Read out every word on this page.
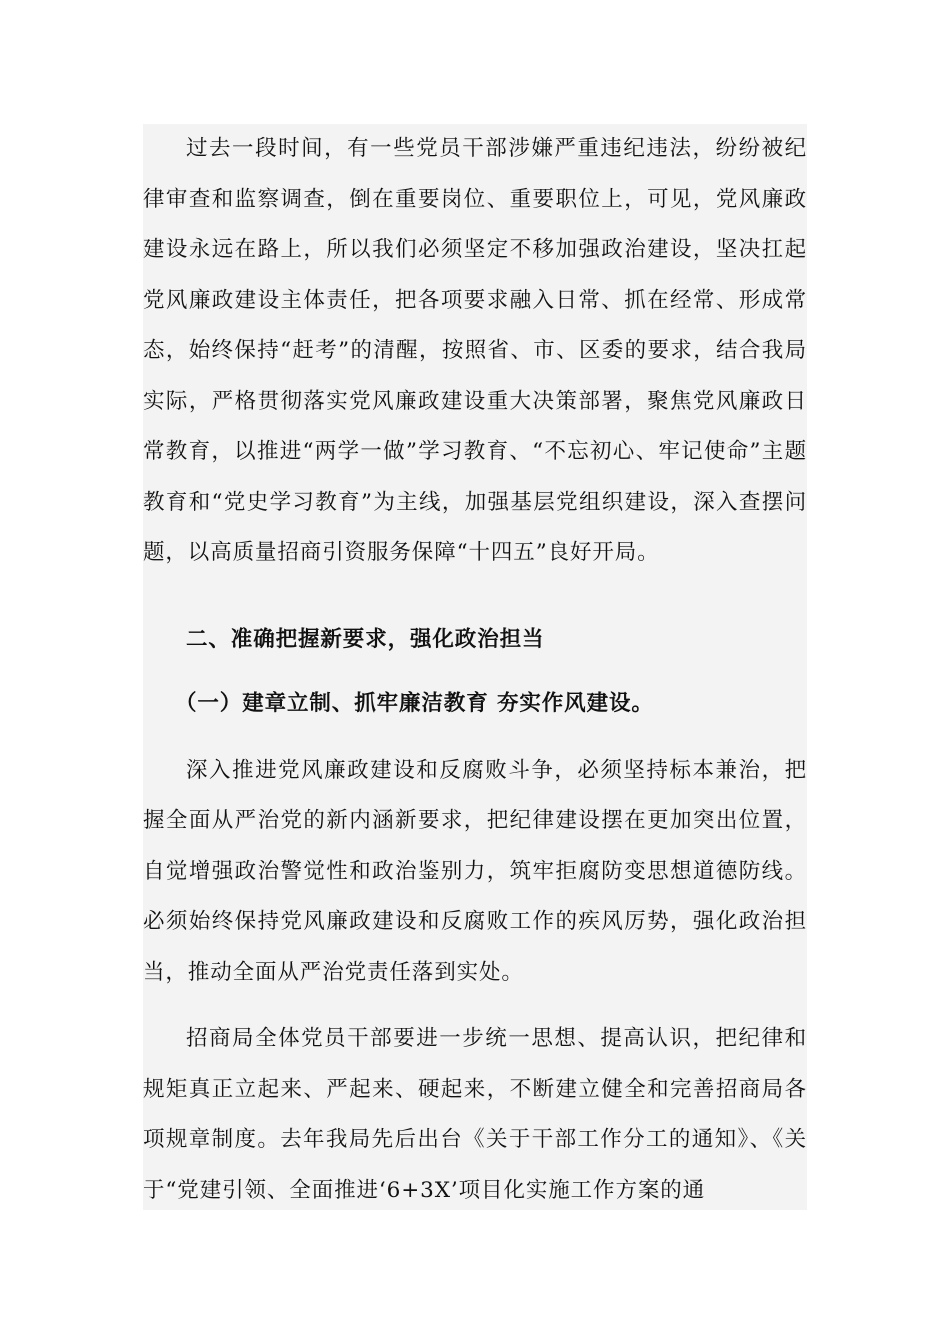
过去一段时间，有一些党员干部涉嫌严重违纪违法，纷纷被纪律审查和监察调查，倒在重要岗位、重要职位上，可见，党风廉政建设永远在路上，所以我们必须坚定不移加强政治建设，坚决扛起党风廉政建设主体责任，把各项要求融入日常、抓在经常、形成常态，始终保持“赶考”的清醒，按照省、市、区委的要求，结合我局实际，严格贯彻落实党风廉政建设重大决策部署，聚焦党风廉政日常教育，以推进“两学一做”学习教育、“不忘初心、牢记使命”主题教育和“党史学习教育”为主线，加强基层党组织建设，深入查摆问题，以高质量招商引资服务保障“十四五”良好开局。

二、准确把握新要求，强化政治担当

（一）建章立制、抓牢廉洁教育 夯实作风建设。

深入推进党风廉政建设和反腐败斗争，必须坚持标本兼治，把握全面从严治党的新内涵新要求，把纪律建设摆在更加突出位置，自觉增强政治警觉性和政治鉴别力，筑牢拒腐防变思想道德防线。必须始终保持党风廉政建设和反腐败工作的疾风厉势，强化政治担当，推动全面从严治党责任落到实处。

招商局全体党员干部要进一步统一思想、提高认识，把纪律和规矩真正立起来、严起来、硬起来，不断建立健全和完善招商局各项规章制度。去年我局先后出台《关于干部工作分工的通知》、《关于“党建引领、全面推进‘6+3X’项目化实施工作方案的通
